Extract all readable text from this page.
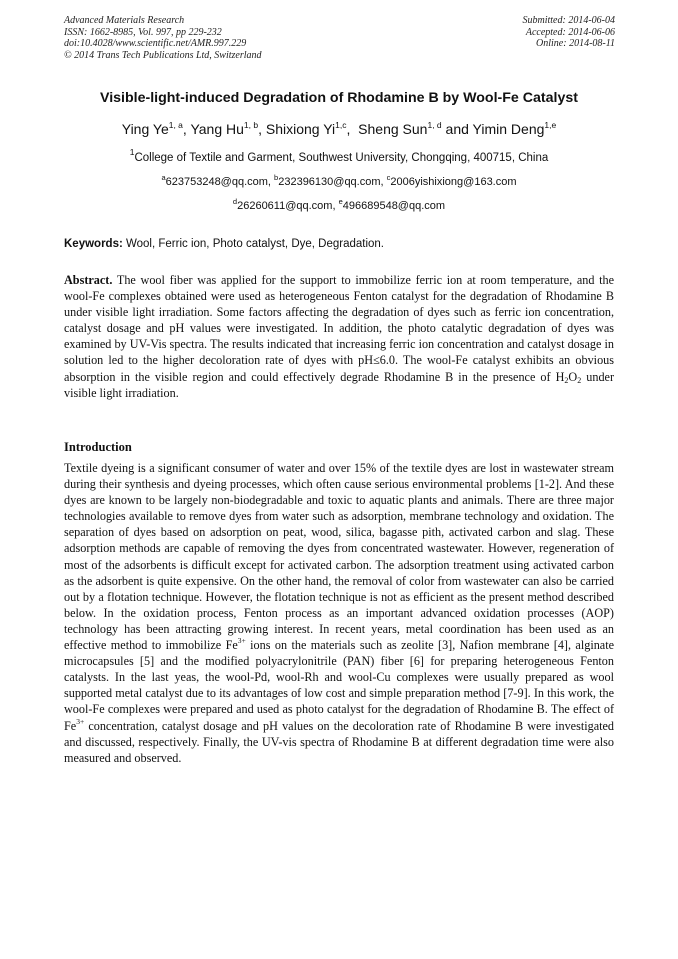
Advanced Materials Research
ISSN: 1662-8985, Vol. 997, pp 229-232
doi:10.4028/www.scientific.net/AMR.997.229
© 2014 Trans Tech Publications Ltd, Switzerland
Submitted: 2014-06-04
Accepted: 2014-06-06
Online: 2014-08-11
Visible-light-induced Degradation of Rhodamine B by Wool-Fe Catalyst
Ying Ye$^{1, a}$, Yang Hu$^{1, b}$, Shixiong Yi$^{1,c}$,  Sheng Sun$^{1, d}$ and Yimin Deng$^{1,e}$
$^1$College of Textile and Garment, Southwest University, Chongqing, 400715, China
$^a$623753248@qq.com, $^b$232396130@qq.com, $^c$2006yishixiong@163.com
$^d$26260611@qq.com, $^e$496689548@qq.com
Keywords: Wool, Ferric ion, Photo catalyst, Dye, Degradation.
Abstract. The wool fiber was applied for the support to immobilize ferric ion at room temperature, and the wool-Fe complexes obtained were used as heterogeneous Fenton catalyst for the degradation of Rhodamine B under visible light irradiation. Some factors affecting the degradation of dyes such as ferric ion concentration, catalyst dosage and pH values were investigated. In addition, the photo catalytic degradation of dyes was examined by UV-Vis spectra. The results indicated that increasing ferric ion concentration and catalyst dosage in solution led to the higher decoloration rate of dyes with pH≤6.0. The wool-Fe catalyst exhibits an obvious absorption in the visible region and could effectively degrade Rhodamine B in the presence of $H_2O_2$ under visible light irradiation.
Introduction
Textile dyeing is a significant consumer of water and over 15% of the textile dyes are lost in wastewater stream during their synthesis and dyeing processes, which often cause serious environmental problems [1-2]. And these dyes are known to be largely non-biodegradable and toxic to aquatic plants and animals. There are three major technologies available to remove dyes from water such as adsorption, membrane technology and oxidation. The separation of dyes based on adsorption on peat, wood, silica, bagasse pith, activated carbon and slag. These adsorption methods are capable of removing the dyes from concentrated wastewater. However, regeneration of most of the adsorbents is difficult except for activated carbon. The adsorption treatment using activated carbon as the adsorbent is quite expensive. On the other hand, the removal of color from wastewater can also be carried out by a flotation technique. However, the flotation technique is not as efficient as the present method described below. In the oxidation process, Fenton process as an important advanced oxidation processes (AOP) technology has been attracting growing interest. In recent years, metal coordination has been used as an effective method to immobilize $Fe^{3+}$ ions on the materials such as zeolite [3], Nafion membrane [4], alginate microcapsules [5] and the modified polyacrylonitrile (PAN) fiber [6] for preparing heterogeneous Fenton catalysts. In the last yeas, the wool-Pd, wool-Rh and wool-Cu complexes were usually prepared as wool supported metal catalyst due to its advantages of low cost and simple preparation method [7-9]. In this work, the wool-Fe complexes were prepared and used as photo catalyst for the degradation of Rhodamine B. The effect of $Fe^{3+}$ concentration, catalyst dosage and pH values on the decoloration rate of Rhodamine B were investigated and discussed, respectively. Finally, the UV-vis spectra of Rhodamine B at different degradation time were also measured and observed.
